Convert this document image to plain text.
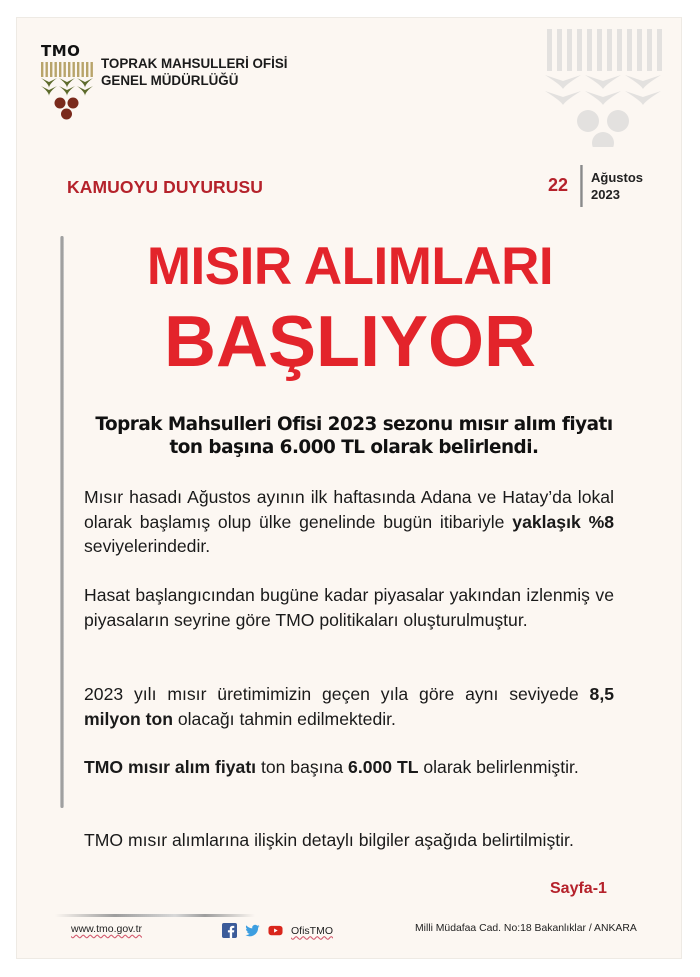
TMO
TOPRAK MAHSULLERİ OFİSİ
GENEL MÜDÜRLÜĞÜ
KAMUOYU DUYURUSU	22 Ağustos
2023
MISIR ALIMLARI
BAŞLIYOR
Toprak Mahsulleri Ofisi 2023 sezonu mısır alım fiyatı ton başına 6.000 TL olarak belirlendi.
Mısır hasadı Ağustos ayının ilk haftasında Adana ve Hatay’da lokal olarak başlamış olup ülke genelinde bugün itibariyle yaklaşık %8 seviyelerindedir.
Hasat başlangıcından bugüne kadar piyasalar yakından izlenmiş ve piyasaların seyrine göre TMO politikaları oluşturulmuştur.
2023 yılı mısır üretimimizin geçen yıla göre aynı seviyede 8,5 milyon ton olacağı tahmin edilmektedir.
TMO mısır alım fiyatı ton başına 6.000 TL olarak belirlenmiştir.
TMO mısır alımlarına ilişkin detaylı bilgiler aşağıda belirtilmiştir.
Sayfa-1
www.tmo.gov.tr	OfisTMO	Milli Müdafaa Cad. No:18 Bakanlıklar / ANKARA
